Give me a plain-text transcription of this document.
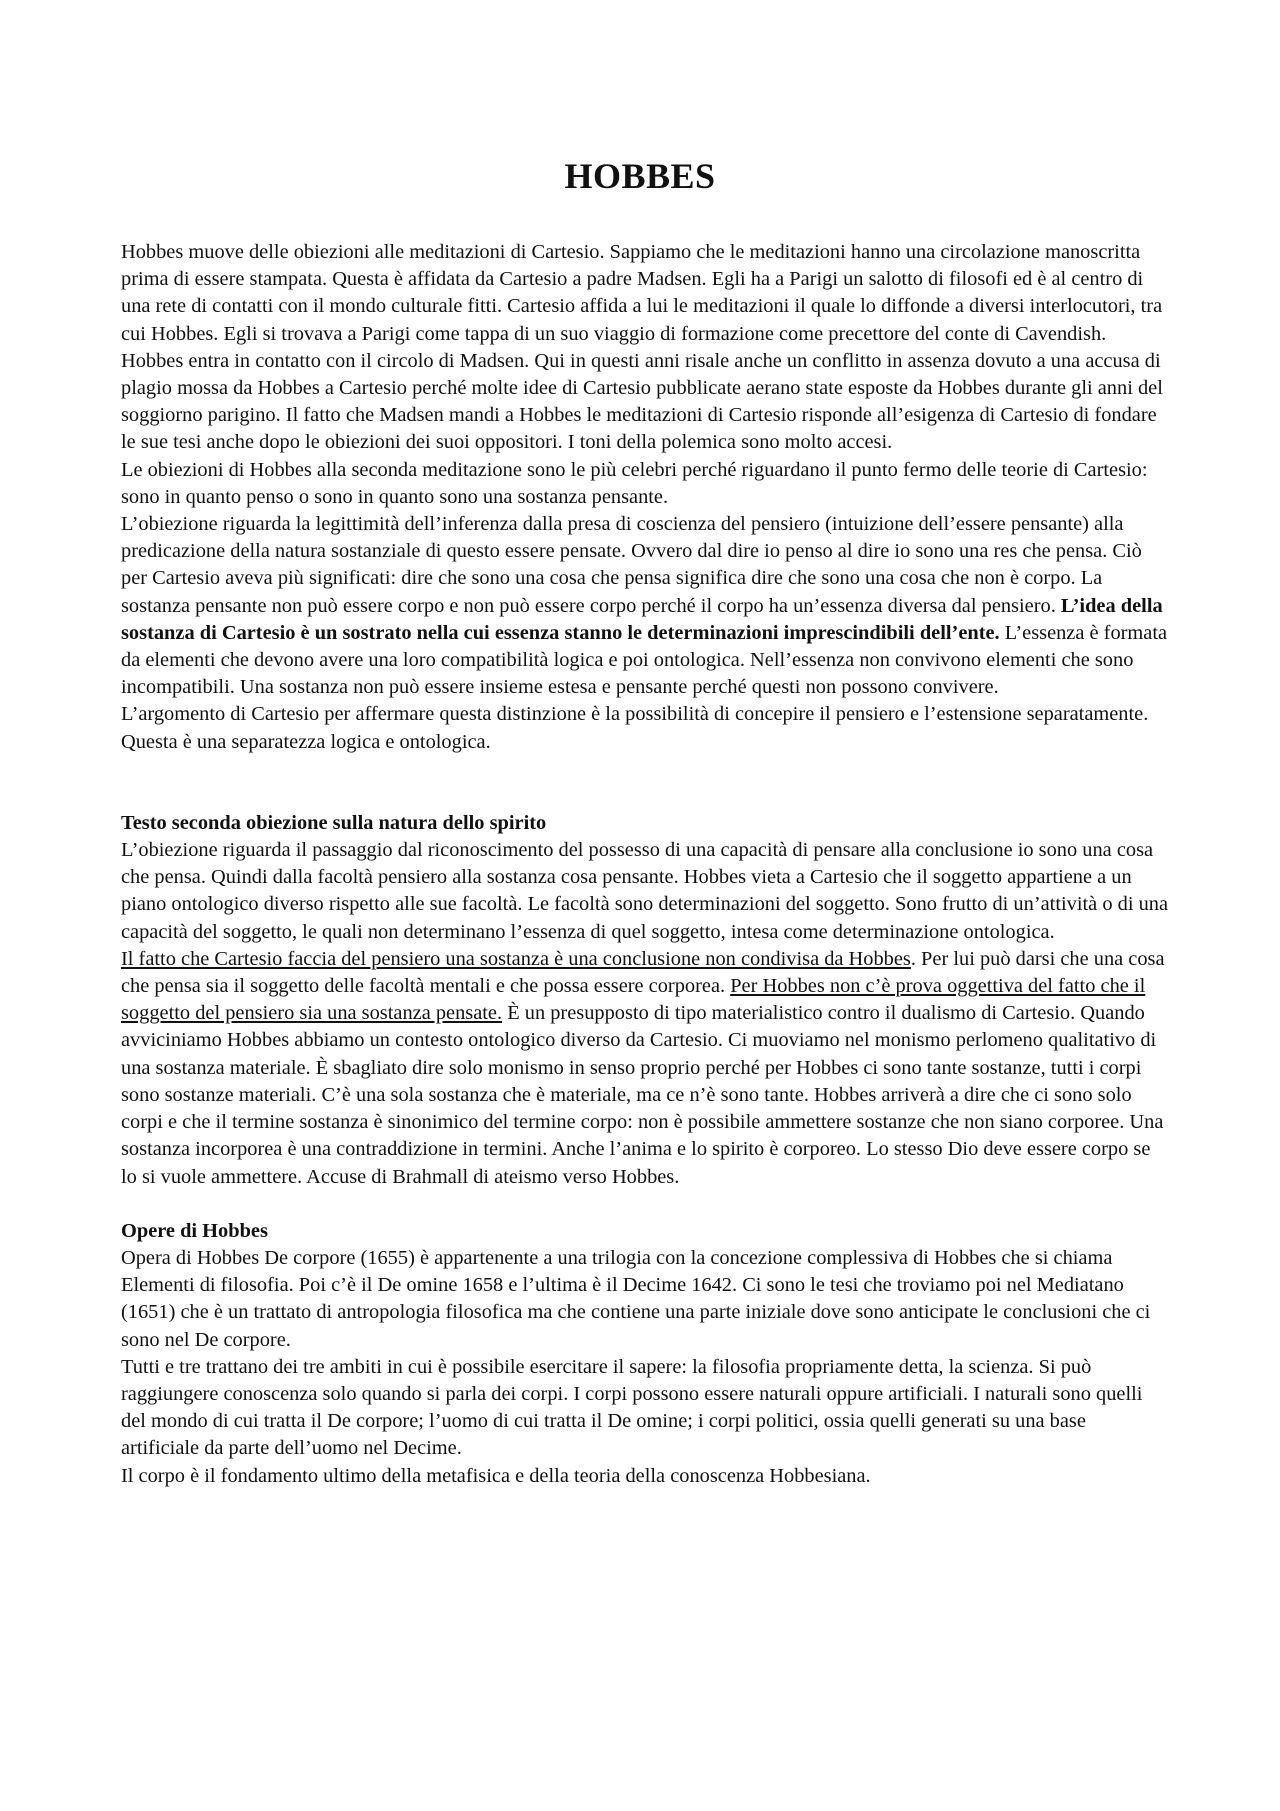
HOBBES

Hobbes muove delle obiezioni alle meditazioni di Cartesio. Sappiamo che le meditazioni hanno una circolazione manoscritta prima di essere stampata. Questa è affidata da Cartesio a padre Madsen. Egli ha a Parigi un salotto di filosofi ed è al centro di una rete di contatti con il mondo culturale fitti. Cartesio affida a lui le meditazioni il quale lo diffonde a diversi interlocutori, tra cui Hobbes. Egli si trovava a Parigi come tappa di un suo viaggio di formazione come precettore del conte di Cavendish. Hobbes entra in contatto con il circolo di Madsen. Qui in questi anni risale anche un conflitto in assenza dovuto a una accusa di plagio mossa da Hobbes a Cartesio perché molte idee di Cartesio pubblicate aerano state esposte da Hobbes durante gli anni del soggiorno parigino. Il fatto che Madsen mandi a Hobbes le meditazioni di Cartesio risponde all’esigenza di Cartesio di fondare le sue tesi anche dopo le obiezioni dei suoi oppositori. I toni della polemica sono molto accesi.

Le obiezioni di Hobbes alla seconda meditazione sono le più celebri perché riguardano il punto fermo delle teorie di Cartesio: sono in quanto penso o sono in quanto sono una sostanza pensante.

L’obiezione riguarda la legittimità dell’inferenza dalla presa di coscienza del pensiero (intuizione dell’essere pensante) alla predicazione della natura sostanziale di questo essere pensate. Ovvero dal dire io penso al dire io sono una res che pensa. Ciò per Cartesio aveva più significati: dire che sono una cosa che pensa significa dire che sono una cosa che non è corpo. La sostanza pensante non può essere corpo e non può essere corpo perché il corpo ha un’essenza diversa dal pensiero. L’idea della sostanza di Cartesio è un sostrato nella cui essenza stanno le determinazioni imprescindibili dell’ente. L’essenza è formata da elementi che devono avere una loro compatibilità logica e poi ontologica. Nell’essenza non convivono elementi che sono incompatibili. Una sostanza non può essere insieme estesa e pensante perché questi non possono convivere.

L’argomento di Cartesio per affermare questa distinzione è la possibilità di concepire il pensiero e l’estensione separatamente. Questa è una separatezza logica e ontologica.

Testo seconda obiezione sulla natura dello spirito

L’obiezione riguarda il passaggio dal riconoscimento del possesso di una capacità di pensare alla conclusione io sono una cosa che pensa. Quindi dalla facoltà pensiero alla sostanza cosa pensante. Hobbes vieta a Cartesio che il soggetto appartiene a un piano ontologico diverso rispetto alle sue facoltà. Le facoltà sono determinazioni del soggetto. Sono frutto di un’attività o di una capacità del soggetto, le quali non determinano l’essenza di quel soggetto, intesa come determinazione ontologica.

Il fatto che Cartesio faccia del pensiero una sostanza è una conclusione non condivisa da Hobbes. Per lui può darsi che una cosa che pensa sia il soggetto delle facoltà mentali e che possa essere corporea. Per Hobbes non c’è prova oggettiva del fatto che il soggetto del pensiero sia una sostanza pensate. È un presupposto di tipo materialistico contro il dualismo di Cartesio. Quando avviciniamo Hobbes abbiamo un contesto ontologico diverso da Cartesio. Ci muoviamo nel monismo perlomeno qualitativo di una sostanza materiale. È sbagliato dire solo monismo in senso proprio perché per Hobbes ci sono tante sostanze, tutti i corpi sono sostanze materiali. C’è una sola sostanza che è materiale, ma ce n’è sono tante. Hobbes arriverà a dire che ci sono solo corpi e che il termine sostanza è sinonimico del termine corpo: non è possibile ammettere sostanze che non siano corporee. Una sostanza incorporea è una contraddizione in termini. Anche l’anima e lo spirito è corporeo. Lo stesso Dio deve essere corpo se lo si vuole ammettere. Accuse di Brahmall di ateismo verso Hobbes.

Opere di Hobbes

Opera di Hobbes De corpore (1655) è appartenente a una trilogia con la concezione complessiva di Hobbes che si chiama Elementi di filosofia. Poi c’è il De omine 1658 e l’ultima è il Decime 1642. Ci sono le tesi che troviamo poi nel Mediatano (1651) che è un trattato di antropologia filosofica ma che contiene una parte iniziale dove sono anticipate le conclusioni che ci sono nel De corpore.

Tutti e tre trattano dei tre ambiti in cui è possibile esercitare il sapere: la filosofia propriamente detta, la scienza. Si può raggiungere conoscenza solo quando si parla dei corpi. I corpi possono essere naturali oppure artificiali. I naturali sono quelli del mondo di cui tratta il De corpore; l’uomo di cui tratta il De omine; i corpi politici, ossia quelli generati su una base artificiale da parte dell’uomo nel Decime.

Il corpo è il fondamento ultimo della metafisica e della teoria della conoscenza Hobbesiana.
